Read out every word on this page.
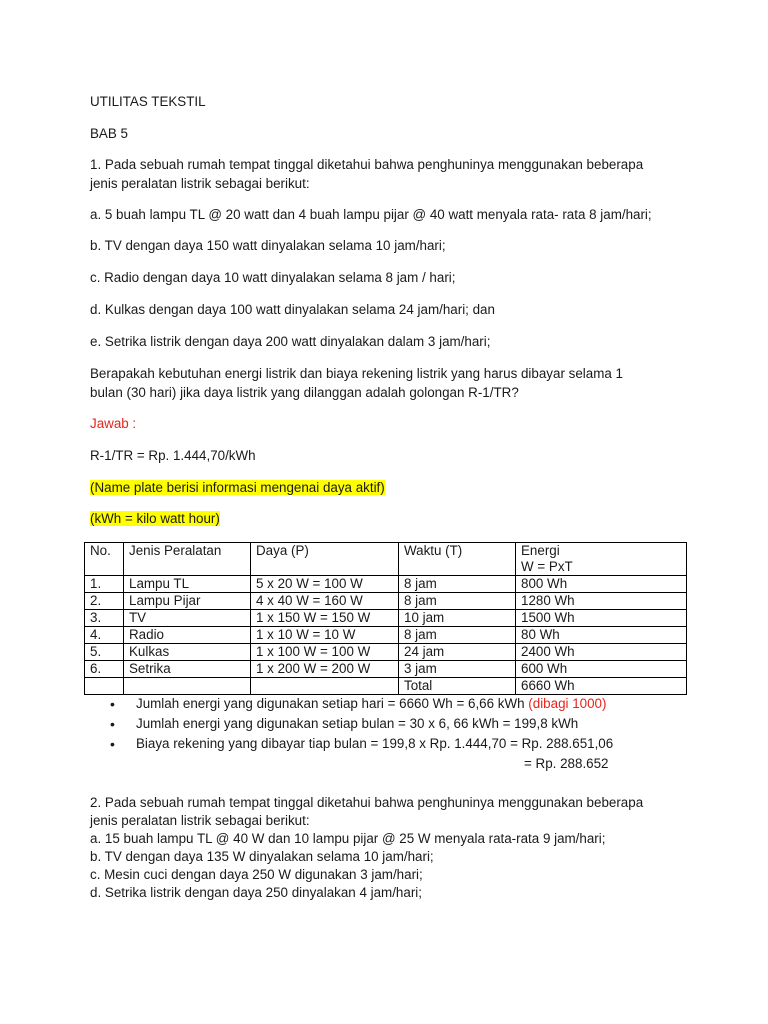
UTILITAS TEKSTIL
BAB 5
1. Pada sebuah rumah tempat tinggal diketahui bahwa penghuninya menggunakan beberapa
jenis peralatan listrik sebagai berikut:
a. 5 buah lampu TL @ 20 watt dan 4 buah lampu pijar @ 40 watt menyala rata- rata 8 jam/hari;
b. TV dengan daya 150 watt dinyalakan selama 10 jam/hari;
c. Radio dengan daya 10 watt dinyalakan selama 8 jam / hari;
d. Kulkas dengan daya 100 watt dinyalakan selama 24 jam/hari; dan
e. Setrika listrik dengan daya 200 watt dinyalakan dalam 3 jam/hari;
Berapakah kebutuhan energi listrik dan biaya rekening listrik yang harus dibayar selama 1
bulan (30 hari) jika daya listrik yang dilanggan adalah golongan R-1/TR?
Jawab :
R-1/TR = Rp. 1.444,70/kWh
(Name plate berisi informasi mengenai daya aktif)
(kWh = kilo watt hour)
No.	Jenis Peralatan	Daya (P)	Waktu (T)	Energi
W = PxT

1.	Lampu TL	5 x 20 W = 100 W	8 jam	800 Wh
2.	Lampu Pijar	4 x 40 W = 160 W	8 jam	1280 Wh
3.	TV	1 x 150 W = 150 W	10 jam	1500 Wh
4.	Radio	1 x 10 W = 10 W	8 jam	80 Wh
5.	Kulkas	1 x 100 W = 100 W	24 jam	2400 Wh
6.	Setrika	1 x 200 W = 200 W	3 jam	600 Wh
			Total	6660 Wh
• Jumlah energi yang digunakan setiap hari = 6660 Wh = 6,66 kWh (dibagi 1000)
• Jumlah energi yang digunakan setiap bulan = 30 x 6, 66 kWh = 199,8 kWh
• Biaya rekening yang dibayar tiap bulan = 199,8 x Rp. 1.444,70 = Rp. 288.651,06
= Rp. 288.652
2. Pada sebuah rumah tempat tinggal diketahui bahwa penghuninya menggunakan beberapa
jenis peralatan listrik sebagai berikut:
a. 15 buah lampu TL @ 40 W dan 10 lampu pijar @ 25 W menyala rata-rata 9 jam/hari;
b. TV dengan daya 135 W dinyalakan selama 10 jam/hari;
c. Mesin cuci dengan daya 250 W digunakan 3 jam/hari;
d. Setrika listrik dengan daya 250 dinyalakan 4 jam/hari;
